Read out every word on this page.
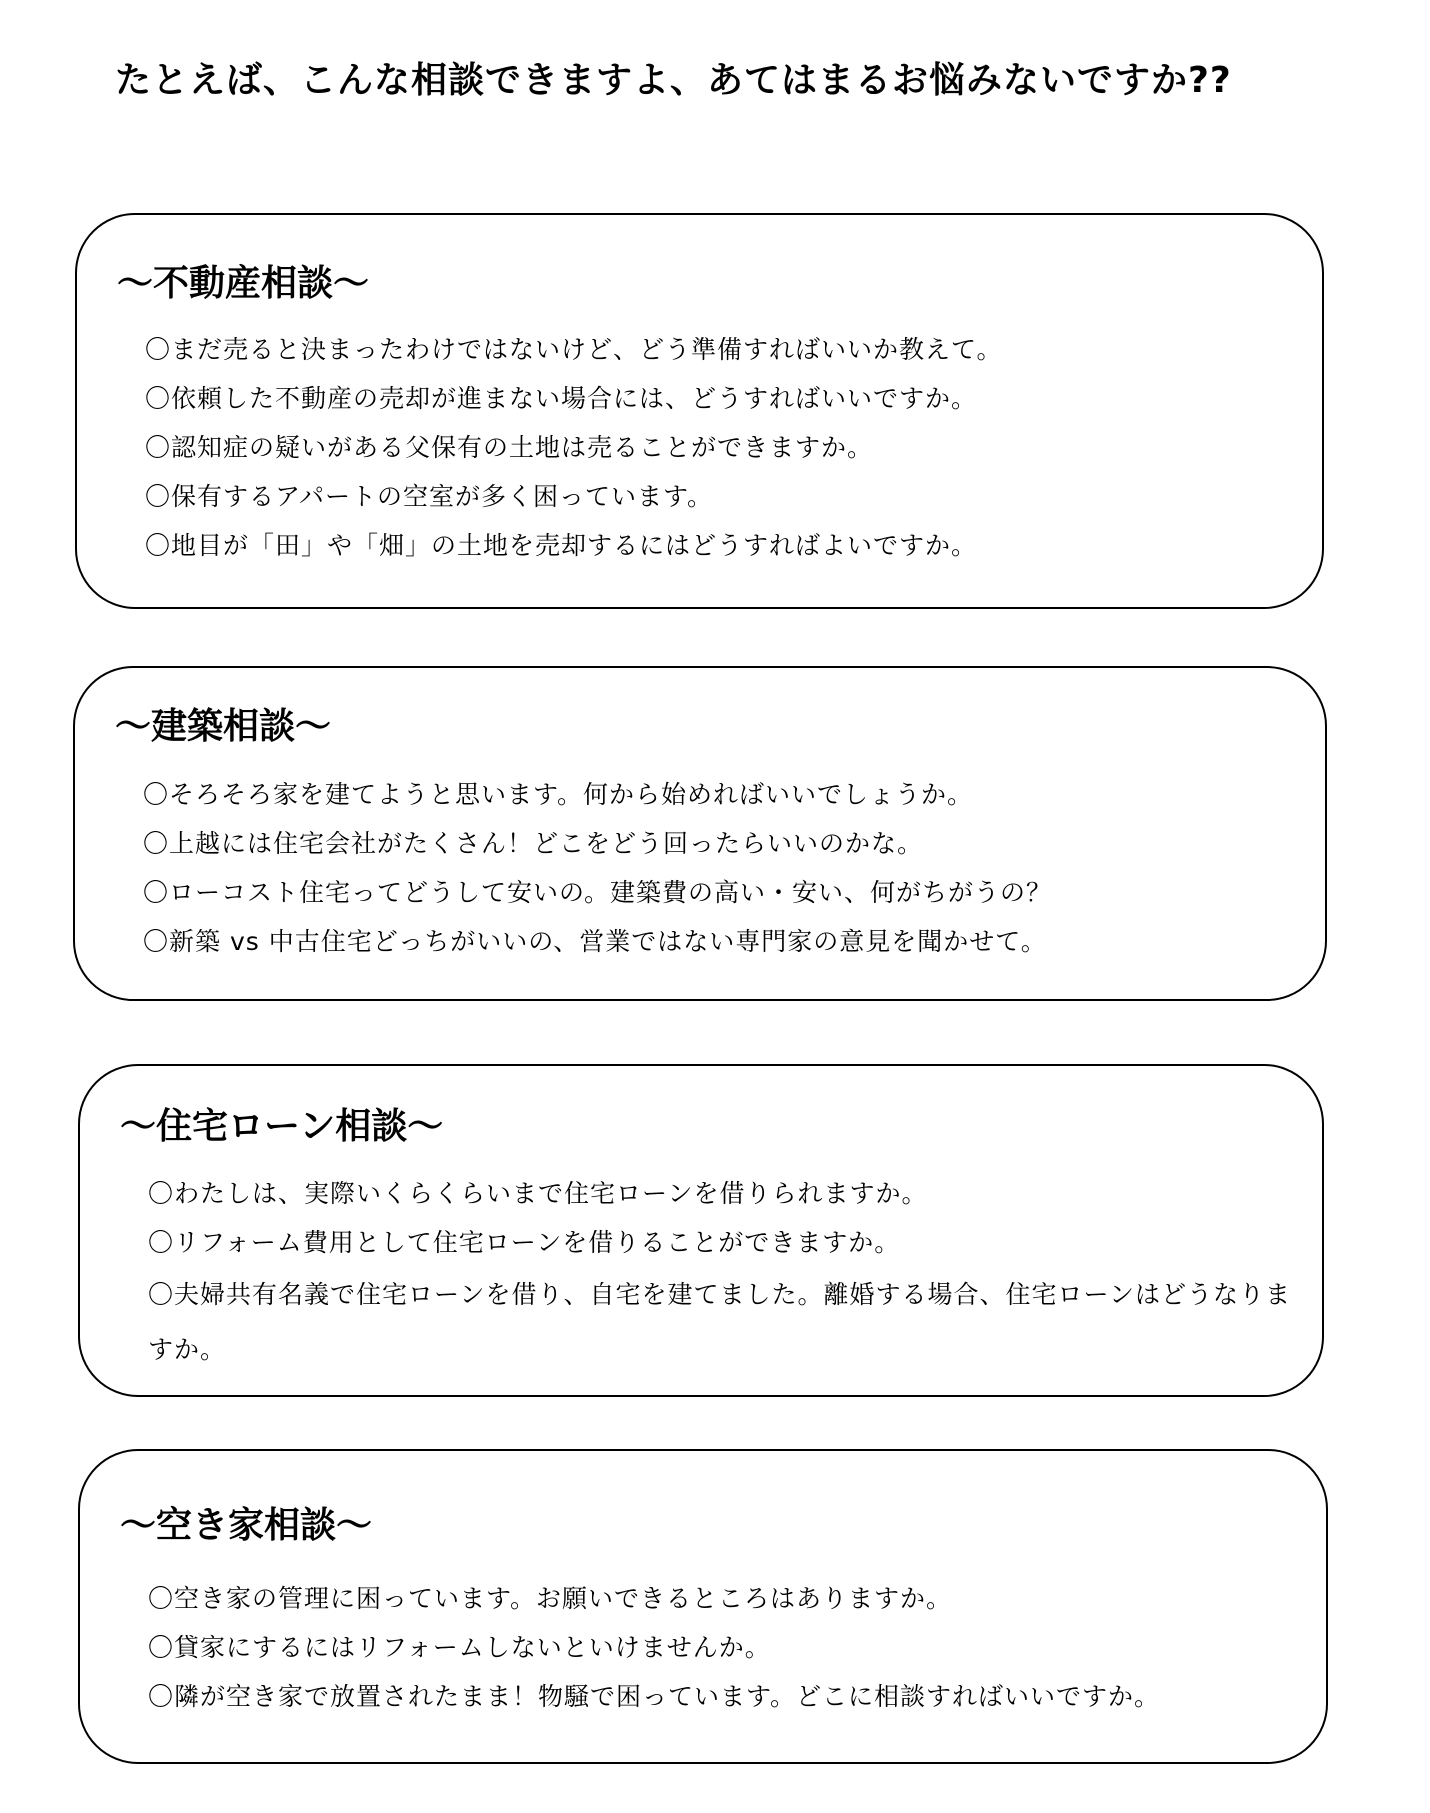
たとえば、こんな相談できますよ、あてはまるお悩みないですか??
～不動産相談～
〇まだ売ると決まったわけではないけど、どう準備すればいいか教えて。
〇依頼した不動産の売却が進まない場合には、どうすればいいですか。
〇認知症の疑いがある父保有の土地は売ることができますか。
〇保有するアパートの空室が多く困っています。
〇地目が「田」や「畑」の土地を売却するにはどうすればよいですか。
～建築相談～
〇そろそろ家を建てようと思います。何から始めればいいでしょうか。
〇上越には住宅会社がたくさん！どこをどう回ったらいいのかな。
〇ローコスト住宅ってどうして安いの。建築費の高い・安い、何がちがうの？
〇新築 vs 中古住宅どっちがいいの、営業ではない専門家の意見を聞かせて。
～住宅ローン相談～
〇わたしは、実際いくらくらいまで住宅ローンを借りられますか。
〇リフォーム費用として住宅ローンを借りることができますか。
〇夫婦共有名義で住宅ローンを借り、自宅を建てました。離婚する場合、住宅ローンはどうなりますか。
～空き家相談～
〇空き家の管理に困っています。お願いできるところはありますか。
〇貸家にするにはリフォームしないといけませんか。
〇隣が空き家で放置されたまま！物騒で困っています。どこに相談すればいいですか。
